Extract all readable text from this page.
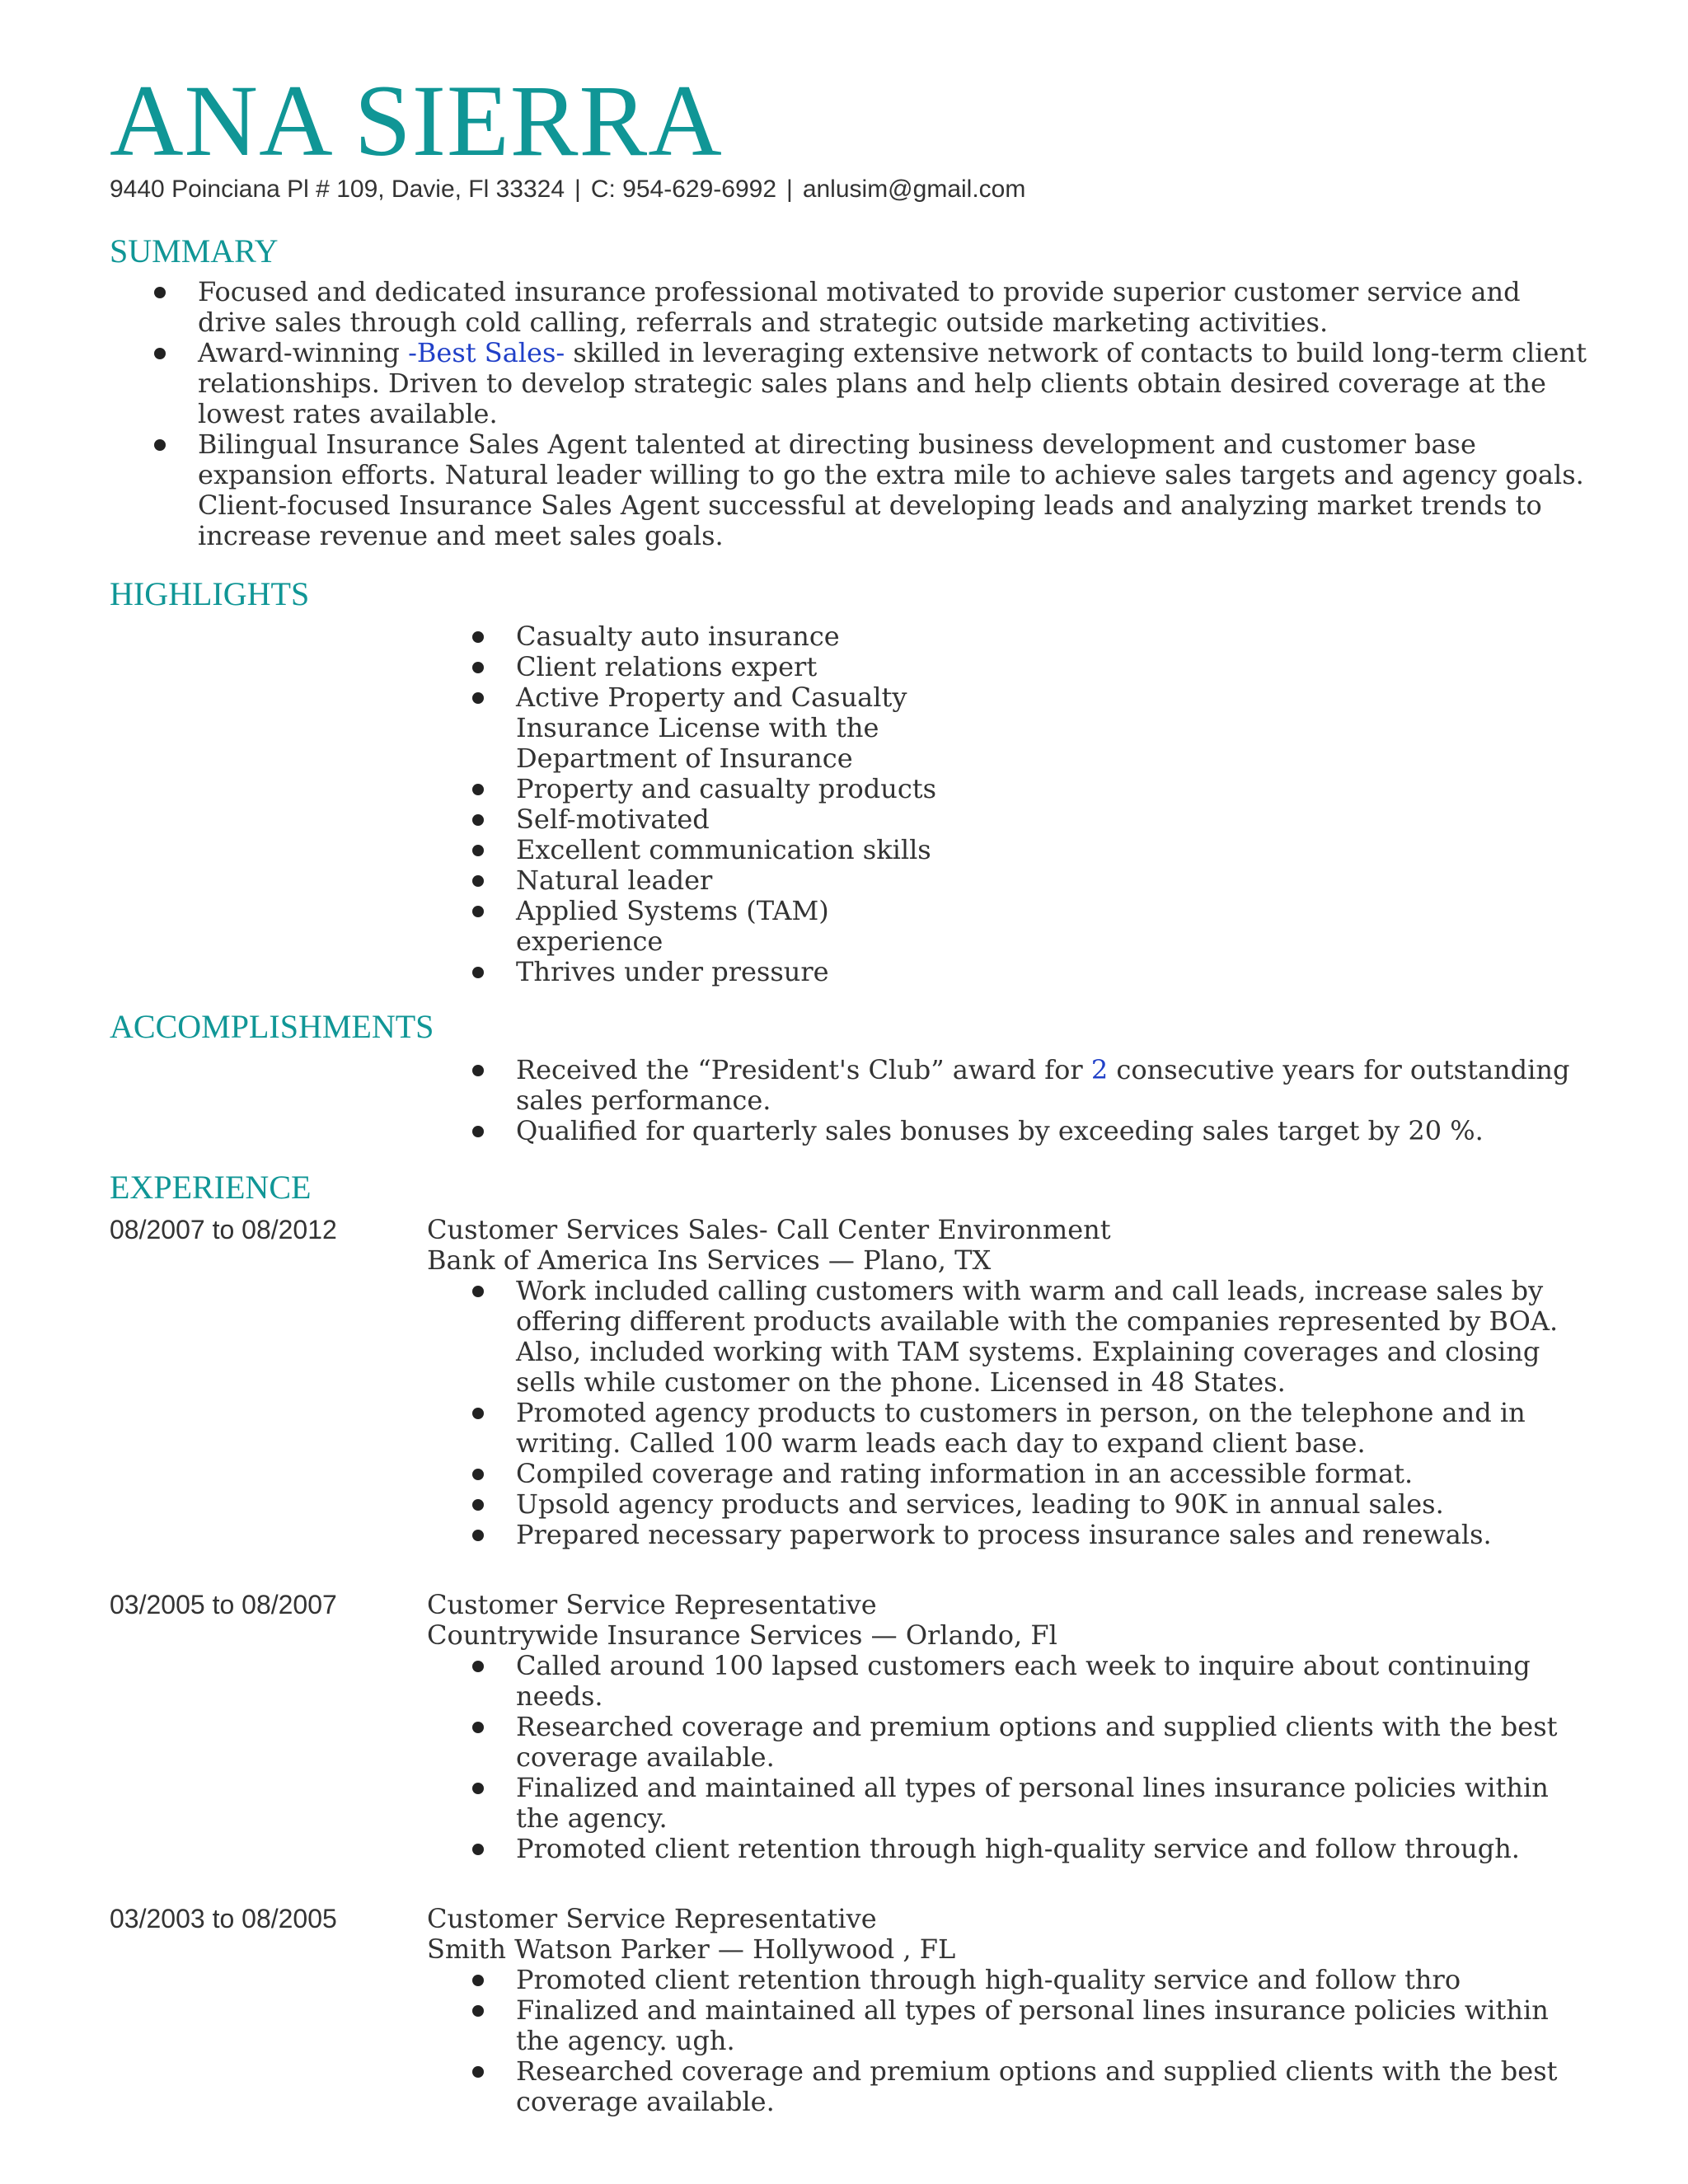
ANA SIERRA
9440 Poinciana Pl # 109, Davie, Fl 33324 | C: 954-629-6992 | anlusim@gmail.com
SUMMARY
Focused and dedicated insurance professional motivated to provide superior customer service and drive sales through cold calling, referrals and strategic outside marketing activities.
Award-winning -Best Sales- skilled in leveraging extensive network of contacts to build long-term client relationships. Driven to develop strategic sales plans and help clients obtain desired coverage at the lowest rates available.
Bilingual Insurance Sales Agent talented at directing business development and customer base expansion efforts. Natural leader willing to go the extra mile to achieve sales targets and agency goals. Client-focused Insurance Sales Agent successful at developing leads and analyzing market trends to increase revenue and meet sales goals.
HIGHLIGHTS
Casualty auto insurance
Client relations expert
Active Property and Casualty Insurance License with the Department of Insurance
Property and casualty products
Self-motivated
Excellent communication skills
Natural leader
Applied Systems (TAM) experience
Thrives under pressure
ACCOMPLISHMENTS
Received the “President's Club” award for 2 consecutive years for outstanding sales performance.
Qualified for quarterly sales bonuses by exceeding sales target by 20 %.
EXPERIENCE
08/2007 to 08/2012	Customer Services Sales- Call Center Environment
Bank of America Ins Services — Plano, TX
Work included calling customers with warm and call leads, increase sales by offering different products available with the companies represented by BOA. Also, included working with TAM systems. Explaining coverages and closing sells while customer on the phone. Licensed in 48 States.
Promoted agency products to customers in person, on the telephone and in writing. Called 100 warm leads each day to expand client base.
Compiled coverage and rating information in an accessible format.
Upsold agency products and services, leading to 90K in annual sales.
Prepared necessary paperwork to process insurance sales and renewals.
03/2005 to 08/2007	Customer Service Representative
Countrywide Insurance Services — Orlando, Fl
Called around 100 lapsed customers each week to inquire about continuing needs.
Researched coverage and premium options and supplied clients with the best coverage available.
Finalized and maintained all types of personal lines insurance policies within the agency.
Promoted client retention through high-quality service and follow through.
03/2003 to 08/2005	Customer Service Representative
Smith Watson Parker — Hollywood , FL
Promoted client retention through high-quality service and follow thro
Finalized and maintained all types of personal lines insurance policies within the agency. ugh.
Researched coverage and premium options and supplied clients with the best coverage available.
